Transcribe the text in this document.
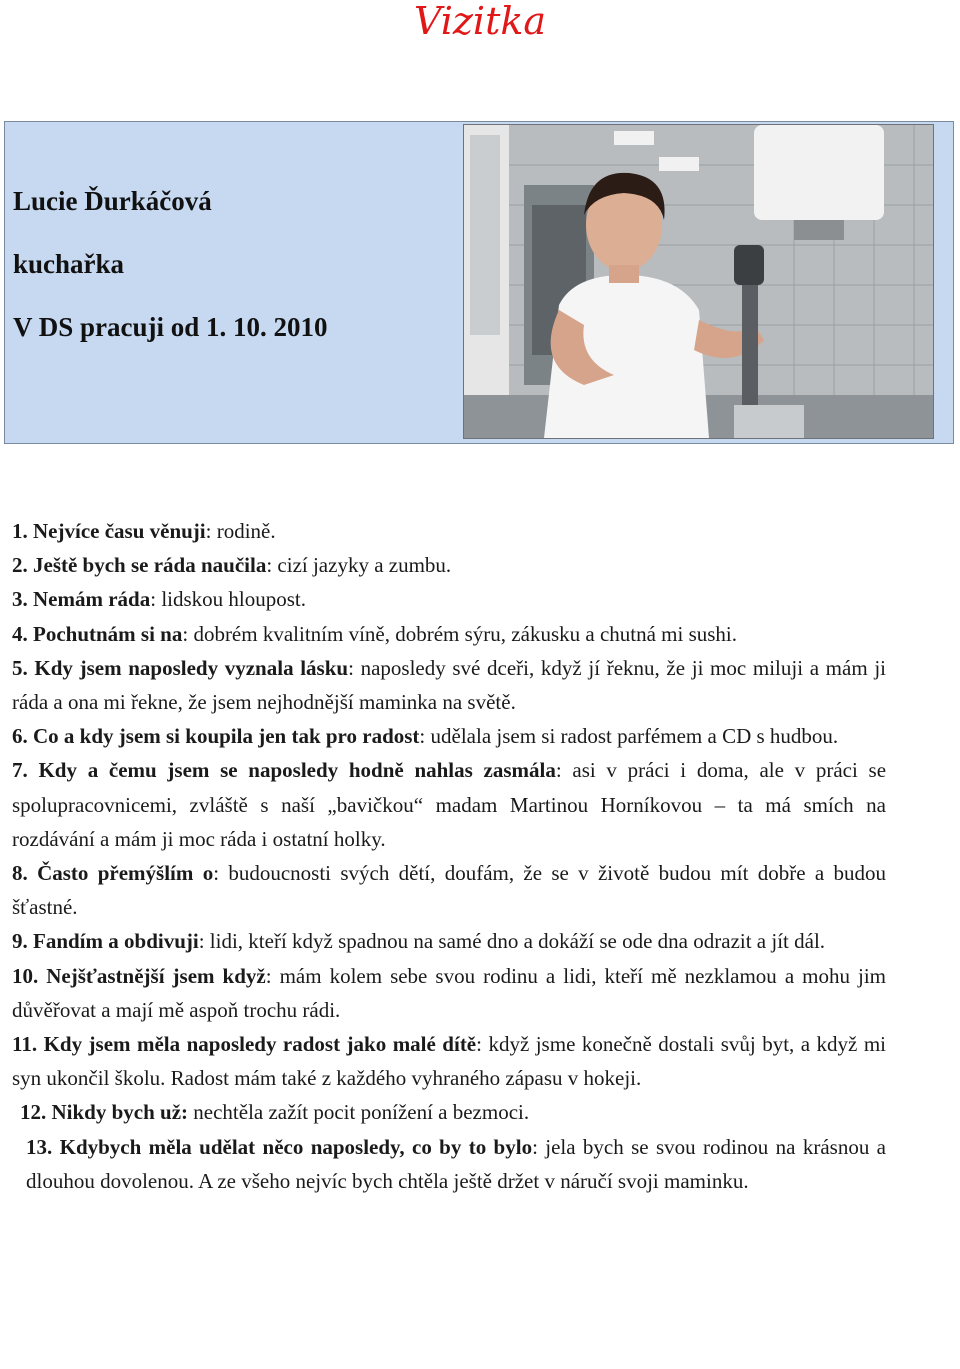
Vizitka
Lucie Ďurkáčová
kuchařka
V DS pracuji od 1. 10. 2010

1. Nejvíce času věnuji: rodině.

2. Ještě bych se ráda naučila: cizí jazyky a zumbu.

3. Nemám ráda: lidskou hloupost.

4. Pochutnám si na: dobrém kvalitním víně, dobrém sýru, zákusku a chutná mi sushi.

5. Kdy jsem naposledy vyznala lásku: naposledy své dceři, když jí řeknu, že ji moc miluji a mám ji ráda a ona mi řekne, že jsem nejhodnější maminka na světě.

6. Co a kdy jsem si koupila jen tak pro radost: udělala jsem si radost parfémem a CD s hudbou.

7. Kdy a čemu jsem se naposledy hodně nahlas zasmála: asi v práci i doma, ale v práci se spolupracovnicemi, zvláště s naší „bavičkou“ madam Martinou Horníkovou – ta má smích na rozdávání a mám ji moc ráda i ostatní holky.

8. Často přemýšlím o: budoucnosti svých dětí, doufám, že se v životě budou mít dobře a budou šťastné.

9. Fandím a obdivuji: lidi, kteří když spadnou na samé dno a dokáží se ode dna odrazit a jít dál.

10. Nejšťastnější jsem když: mám kolem sebe svou rodinu a lidi, kteří mě nezklamou a mohu jim důvěřovat a mají mě aspoň trochu rádi.

11. Kdy jsem měla naposledy radost jako malé dítě: když jsme konečně dostali svůj byt, a když mi syn ukončil školu. Radost mám také z každého vyhraného zápasu v hokeji.

12. Nikdy bych už: nechtěla zažít pocit ponížení a bezmoci.

13. Kdybych měla udělat něco naposledy, co by to bylo: jela bych se svou rodinou na krásnou a dlouhou dovolenou. A ze všeho nejvíc bych chtěla ještě držet v náručí svoji maminku.
